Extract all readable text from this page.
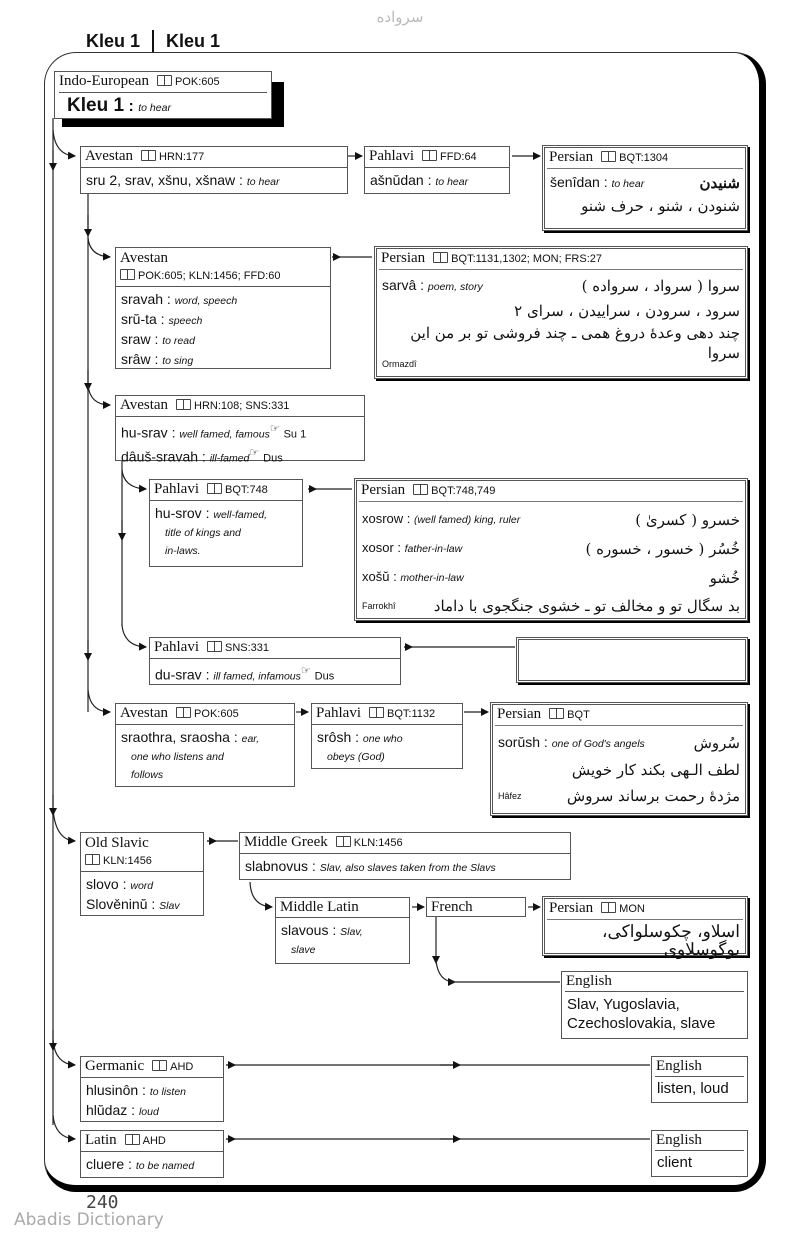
سرواده
Kleu 1 Kleu 1
Indo-European POK:605
Kleu 1 : to hear
Avestan HRN:177
sru 2, srav, xšnu, xšnaw : to hear
Pahlavi FFD:64
ašnŭdan : to hear
Persian BQT:1304
šenîdan : to hear	شنیدن
شنودن ، شنو ، حرف شنو
Avestan
POK:605; KLN:1456; FFD:60
sravah : word, speech
srŭ-ta : speech
sraw : to read
srâw : to sing
Persian BQT:1131,1302; MON; FRS:27
sarvâ : poem, story	سروا ( سرواد ، سرواده )
سرود ، سرودن ، سراییدن ، سرای ۲
چند دهی وعدهٔ دروغ همی ـ چند فروشی تو بر من این سروا
Ormazdî
Avestan HRN:108; SNS:331
hu-srav : well famed, famous☞ Su 1
dâuš-sravah : ill-famed☞ Dus
Pahlavi BQT:748
hu-srov : well-famed,
title of kings and
in-laws.
Persian BQT:748,749
xosrow : (well famed) king, ruler	خسرو ( کسریٰ )
xosor : father-in-law	خُسُر ( خسور ، خسوره )
xošŭ : mother-in-law	خُشو
Farrokhî	بد سگال تو و مخالف تو ـ خشوی جنگجوی با داماد
Pahlavi SNS:331
du-srav : ill famed, infamous☞ Dus
Avestan POK:605
sraothra, sraosha : ear,
one who listens and
follows
Pahlavi BQT:1132
srôsh : one who
obeys (God)
Persian BQT
sorŭsh : one of God's angels	سُروش
لطف الـهی بکند کار خویش
Hâfez	مژدهٔ رحمت برساند سروش
Old Slavic
KLN:1456
slovo : word
Slověninŭ : Slav
Middle Greek KLN:1456
slabnovus : Slav, also slaves taken from the Slavs
Middle Latin
slavous : Slav,
slave
French	Persian MON
اسلاو، چکوسلواکی، یوگوسلاوی
English
Slav, Yugoslavia,
Czechoslovakia, slave
Germanic AHD
hlusinôn : to listen
hlŭdaz : loud
English
listen, loud
Latin AHD
cluere : to be named
English
client
240
Abadis Dictionary
